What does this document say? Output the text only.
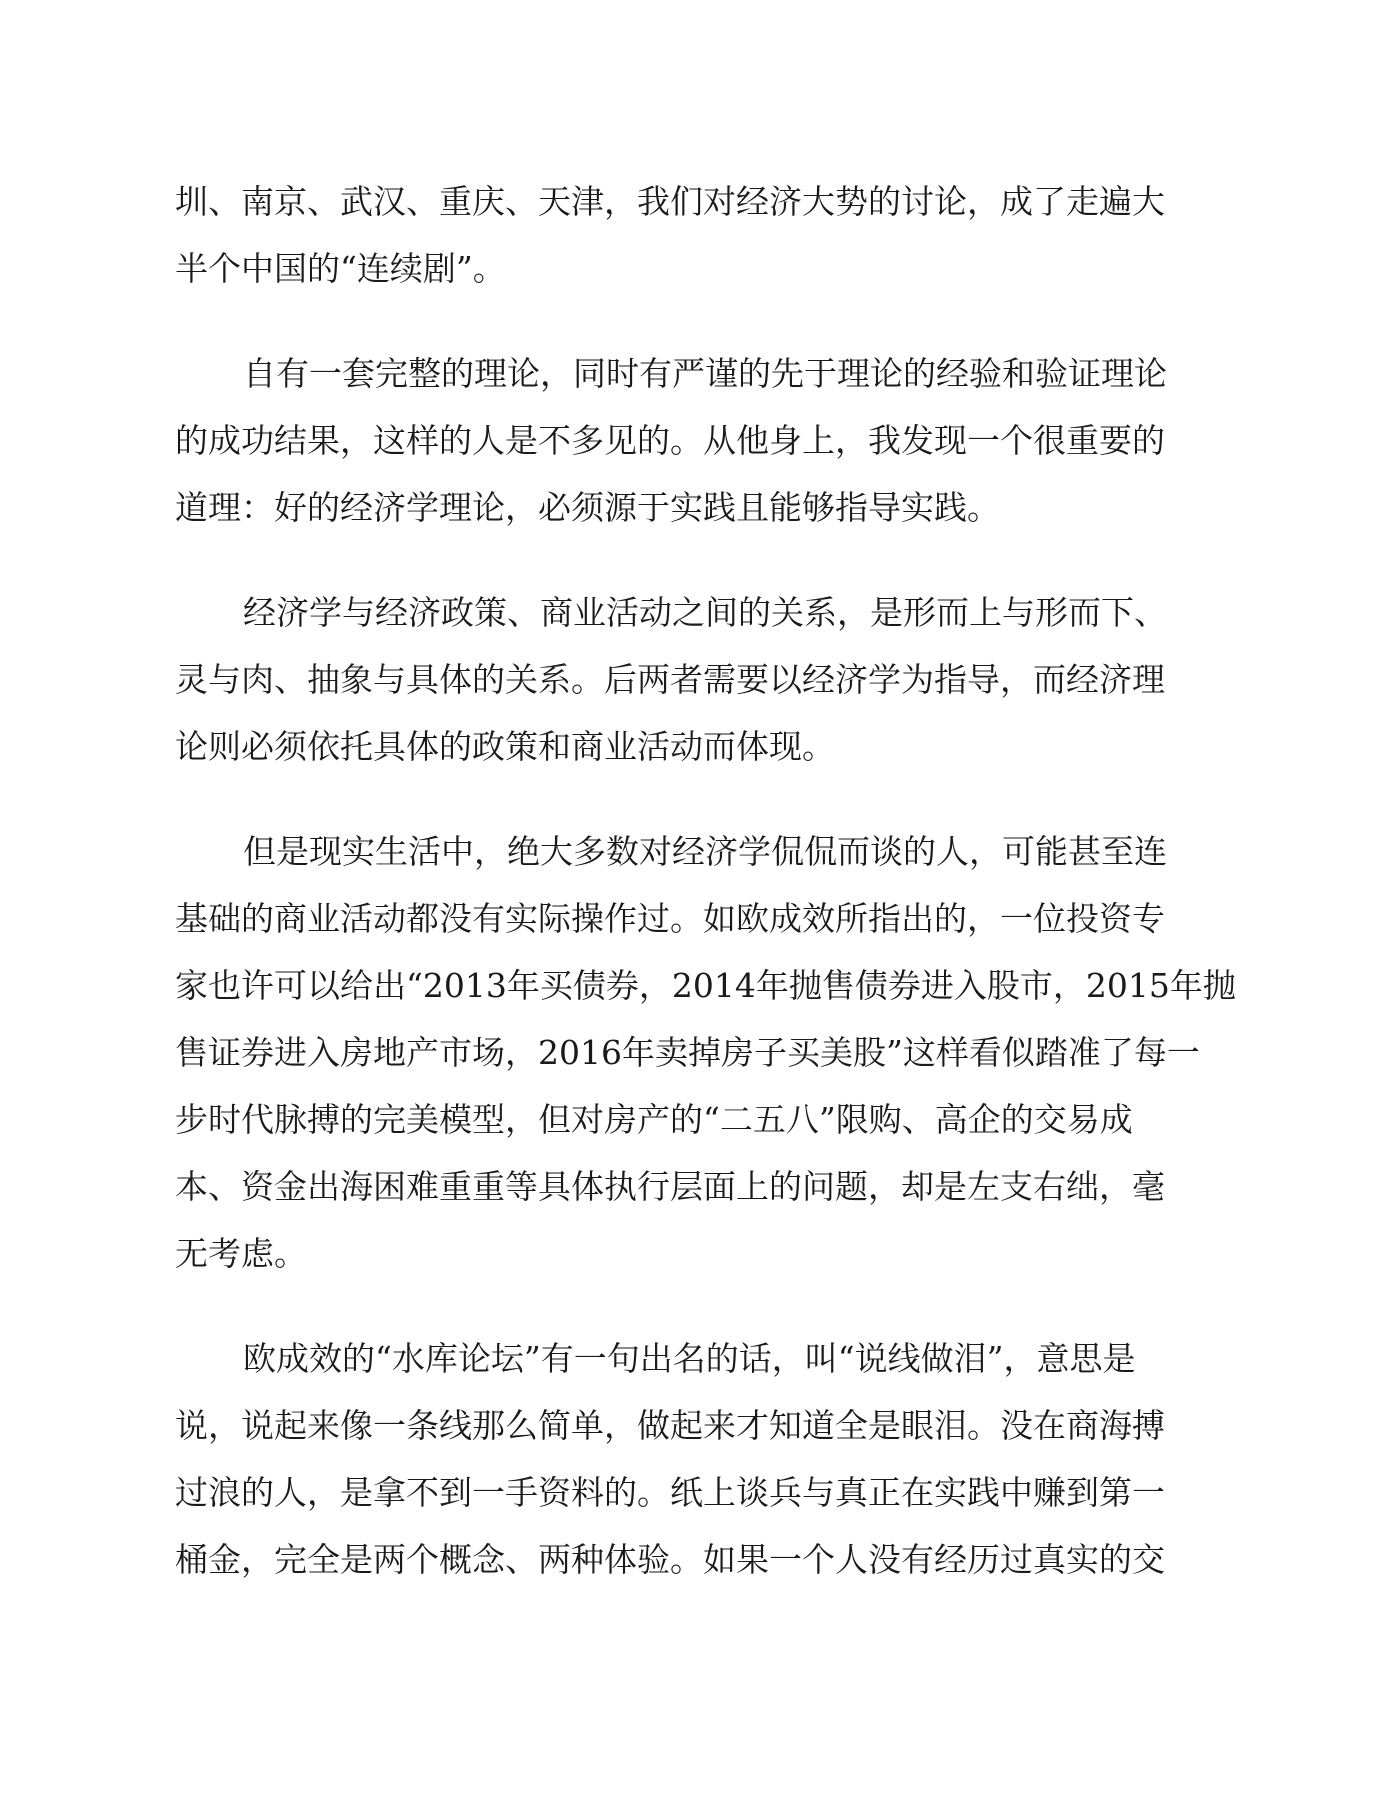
圳、南京、武汉、重庆、天津，我们对经济大势的讨论，成了走遍大
半个中国的“连续剧”。
自有一套完整的理论，同时有严谨的先于理论的经验和验证理论
的成功结果，这样的人是不多见的。从他身上，我发现一个很重要的
道理：好的经济学理论，必须源于实践且能够指导实践。
经济学与经济政策、商业活动之间的关系，是形而上与形而下、
灵与肉、抽象与具体的关系。后两者需要以经济学为指导，而经济理
论则必须依托具体的政策和商业活动而体现。
但是现实生活中，绝大多数对经济学侃侃而谈的人，可能甚至连
基础的商业活动都没有实际操作过。如欧成效所指出的，一位投资专
家也许可以给出“2013年买债券，2014年抛售债券进入股市，2015年抛
售证券进入房地产市场，2016年卖掉房子买美股”这样看似踏准了每一
步时代脉搏的完美模型，但对房产的“二五八”限购、高企的交易成
本、资金出海困难重重等具体执行层面上的问题，却是左支右绌，毫
无考虑。
欧成效的“水库论坛”有一句出名的话，叫“说线做泪”，意思是
说，说起来像一条线那么简单，做起来才知道全是眼泪。没在商海搏
过浪的人，是拿不到一手资料的。纸上谈兵与真正在实践中赚到第一
桶金，完全是两个概念、两种体验。如果一个人没有经历过真实的交
